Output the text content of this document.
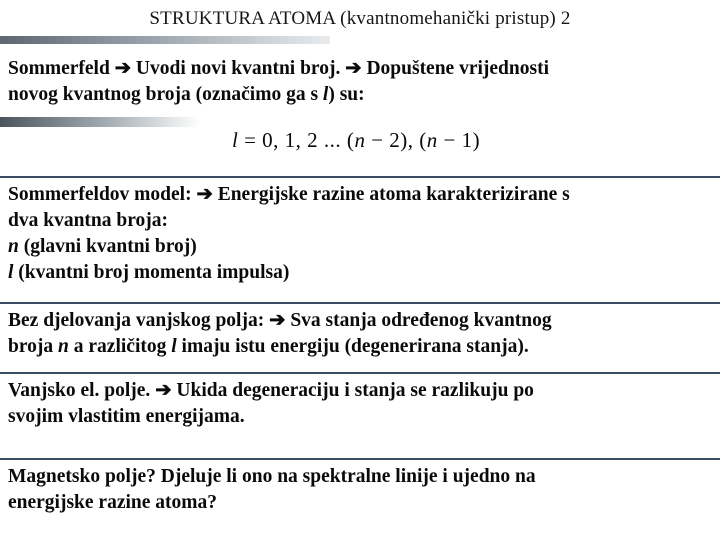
STRUKTURA ATOMA (kvantnomehanički pristup) 2
Sommerfeld ➔ Uvodi novi kvantni broj. ➔ Dopuštene vrijednosti
novog kvantnog broja (označimo ga s l) su:
l = 0, 1, 2 ... (n − 2), (n − 1)
Sommerfeldov model: ➔ Energijske razine atoma karakterizirane s
dva kvantna broja:
n (glavni kvantni broj)
l (kvantni broj momenta impulsa)
Bez djelovanja vanjskog polja: ➔ Sva stanja određenog kvantnog
broja n a različitog l imaju istu energiju (degenerirana stanja).
Vanjsko el. polje. ➔ Ukida degeneraciju i stanja se razlikuju po
svojim vlastitim energijama.
Magnetsko polje? Djeluje li ono na spektralne linije i ujedno na
energijske razine atoma?
